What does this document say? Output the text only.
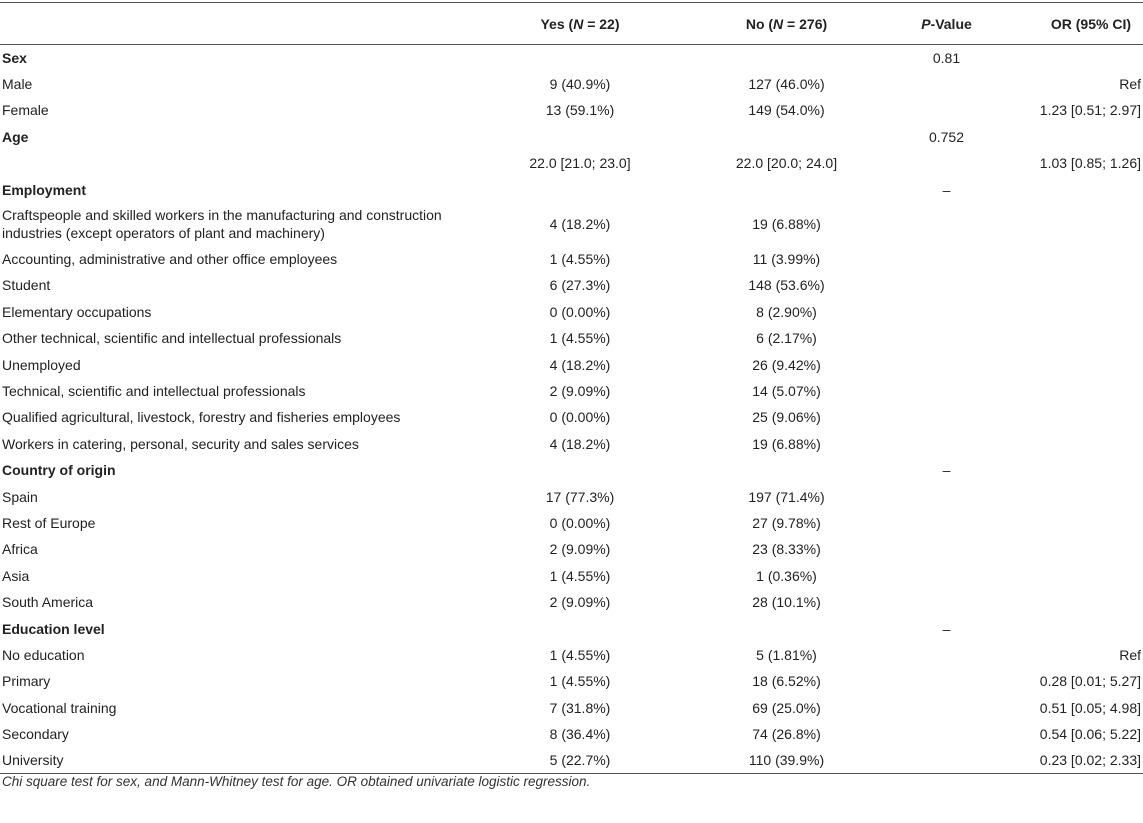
	Yes (N = 22)	No (N = 276)	P-Value	OR (95% CI)
Sex			0.81	
Male	9 (40.9%)	127 (46.0%)		Ref
Female	13 (59.1%)	149 (54.0%)		1.23 [0.51; 2.97]
Age			0.752	
	22.0 [21.0; 23.0]	22.0 [20.0; 24.0]		1.03 [0.85; 1.26]
Employment			–	
Craftspeople and skilled workers in the manufacturing and construction industries (except operators of plant and machinery)	4 (18.2%)	19 (6.88%)		
Accounting, administrative and other office employees	1 (4.55%)	11 (3.99%)		
Student	6 (27.3%)	148 (53.6%)		
Elementary occupations	0 (0.00%)	8 (2.90%)		
Other technical, scientific and intellectual professionals	1 (4.55%)	6 (2.17%)		
Unemployed	4 (18.2%)	26 (9.42%)		
Technical, scientific and intellectual professionals	2 (9.09%)	14 (5.07%)		
Qualified agricultural, livestock, forestry and fisheries employees	0 (0.00%)	25 (9.06%)		
Workers in catering, personal, security and sales services	4 (18.2%)	19 (6.88%)		
Country of origin			–	
Spain	17 (77.3%)	197 (71.4%)		
Rest of Europe	0 (0.00%)	27 (9.78%)		
Africa	2 (9.09%)	23 (8.33%)		
Asia	1 (4.55%)	1 (0.36%)		
South America	2 (9.09%)	28 (10.1%)		
Education level			–	
No education	1 (4.55%)	5 (1.81%)		Ref
Primary	1 (4.55%)	18 (6.52%)		0.28 [0.01; 5.27]
Vocational training	7 (31.8%)	69 (25.0%)		0.51 [0.05; 4.98]
Secondary	8 (36.4%)	74 (26.8%)		0.54 [0.06; 5.22]
University	5 (22.7%)	110 (39.9%)		0.23 [0.02; 2.33]
Chi square test for sex, and Mann-Whitney test for age. OR obtained univariate logistic regression.
